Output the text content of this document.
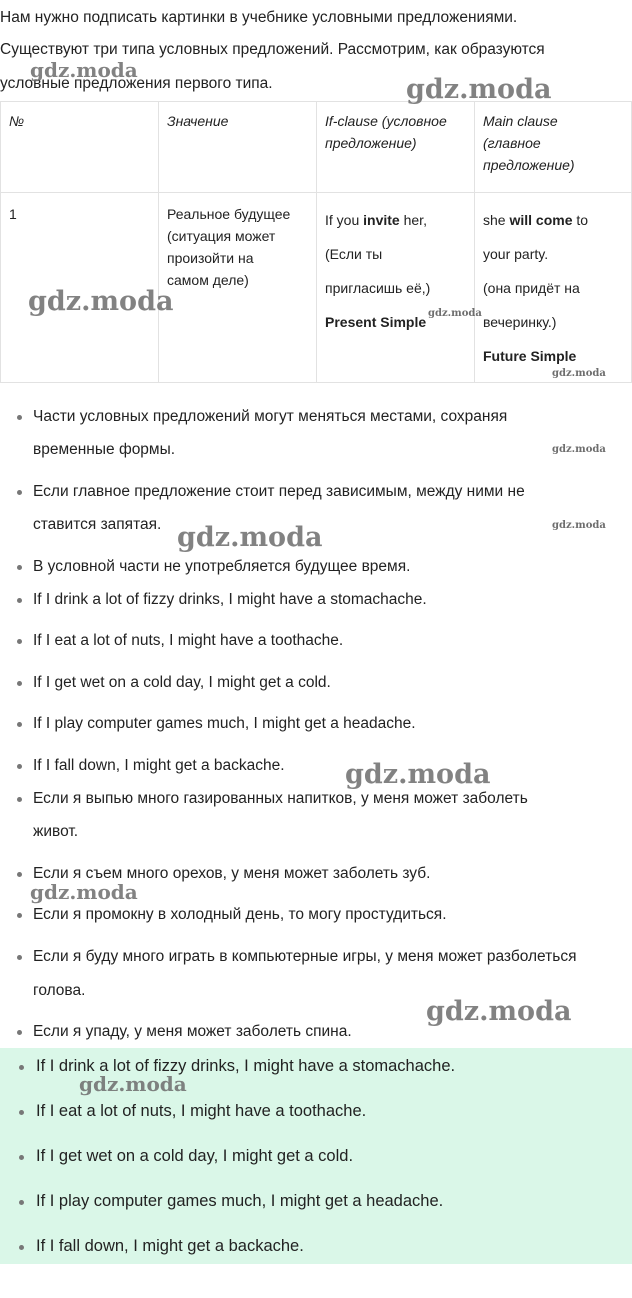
Нам нужно подписать картинки в учебнике условными предложениями.

Существуют три типа условных предложений. Рассмотрим, как образуются

условные предложения первого типа.

№	Значение	If-clause (условное
предложение)	Main clause
(главное
предложение)
1	Реальное будущее
(ситуация может
произойти на
самом деле)	If you invite her,
(Если ты
пригласишь её,)
Present Simple	she will come to
your party.
(она придёт на
вечеринку.)
Future Simple
Части условных предложений могут меняться местами, сохраняя
временные формы.
Если главное предложение стоит перед зависимым, между ними не
ставится запятая.
В условной части не употребляется будущее время.
If I drink a lot of fizzy drinks, I might have a stomachache.
If I eat a lot of nuts, I might have a toothache.
If I get wet on a cold day, I might get a cold.
If I play computer games much, I might get a headache.
If I fall down, I might get a backache.
Если я выпью много газированных напитков, у меня может заболеть
живот.
Если я съем много орехов, у меня может заболеть зуб.
Если я промокну в холодный день, то могу простудиться.
Если я буду много играть в компьютерные игры, у меня может разболеться
голова.
Если я упаду, у меня может заболеть спина.
If I drink a lot of fizzy drinks, I might have a stomachache.
If I eat a lot of nuts, I might have a toothache.
If I get wet on a cold day, I might get a cold.
If I play computer games much, I might get a headache.
If I fall down, I might get a backache.
gdz.moda
gdz.moda
gdz.moda	gdz.moda
gdz.moda
gdz.moda
gdz.moda
gdz.moda
gdz.moda
gdz.moda
gdz.moda
gdz.moda
